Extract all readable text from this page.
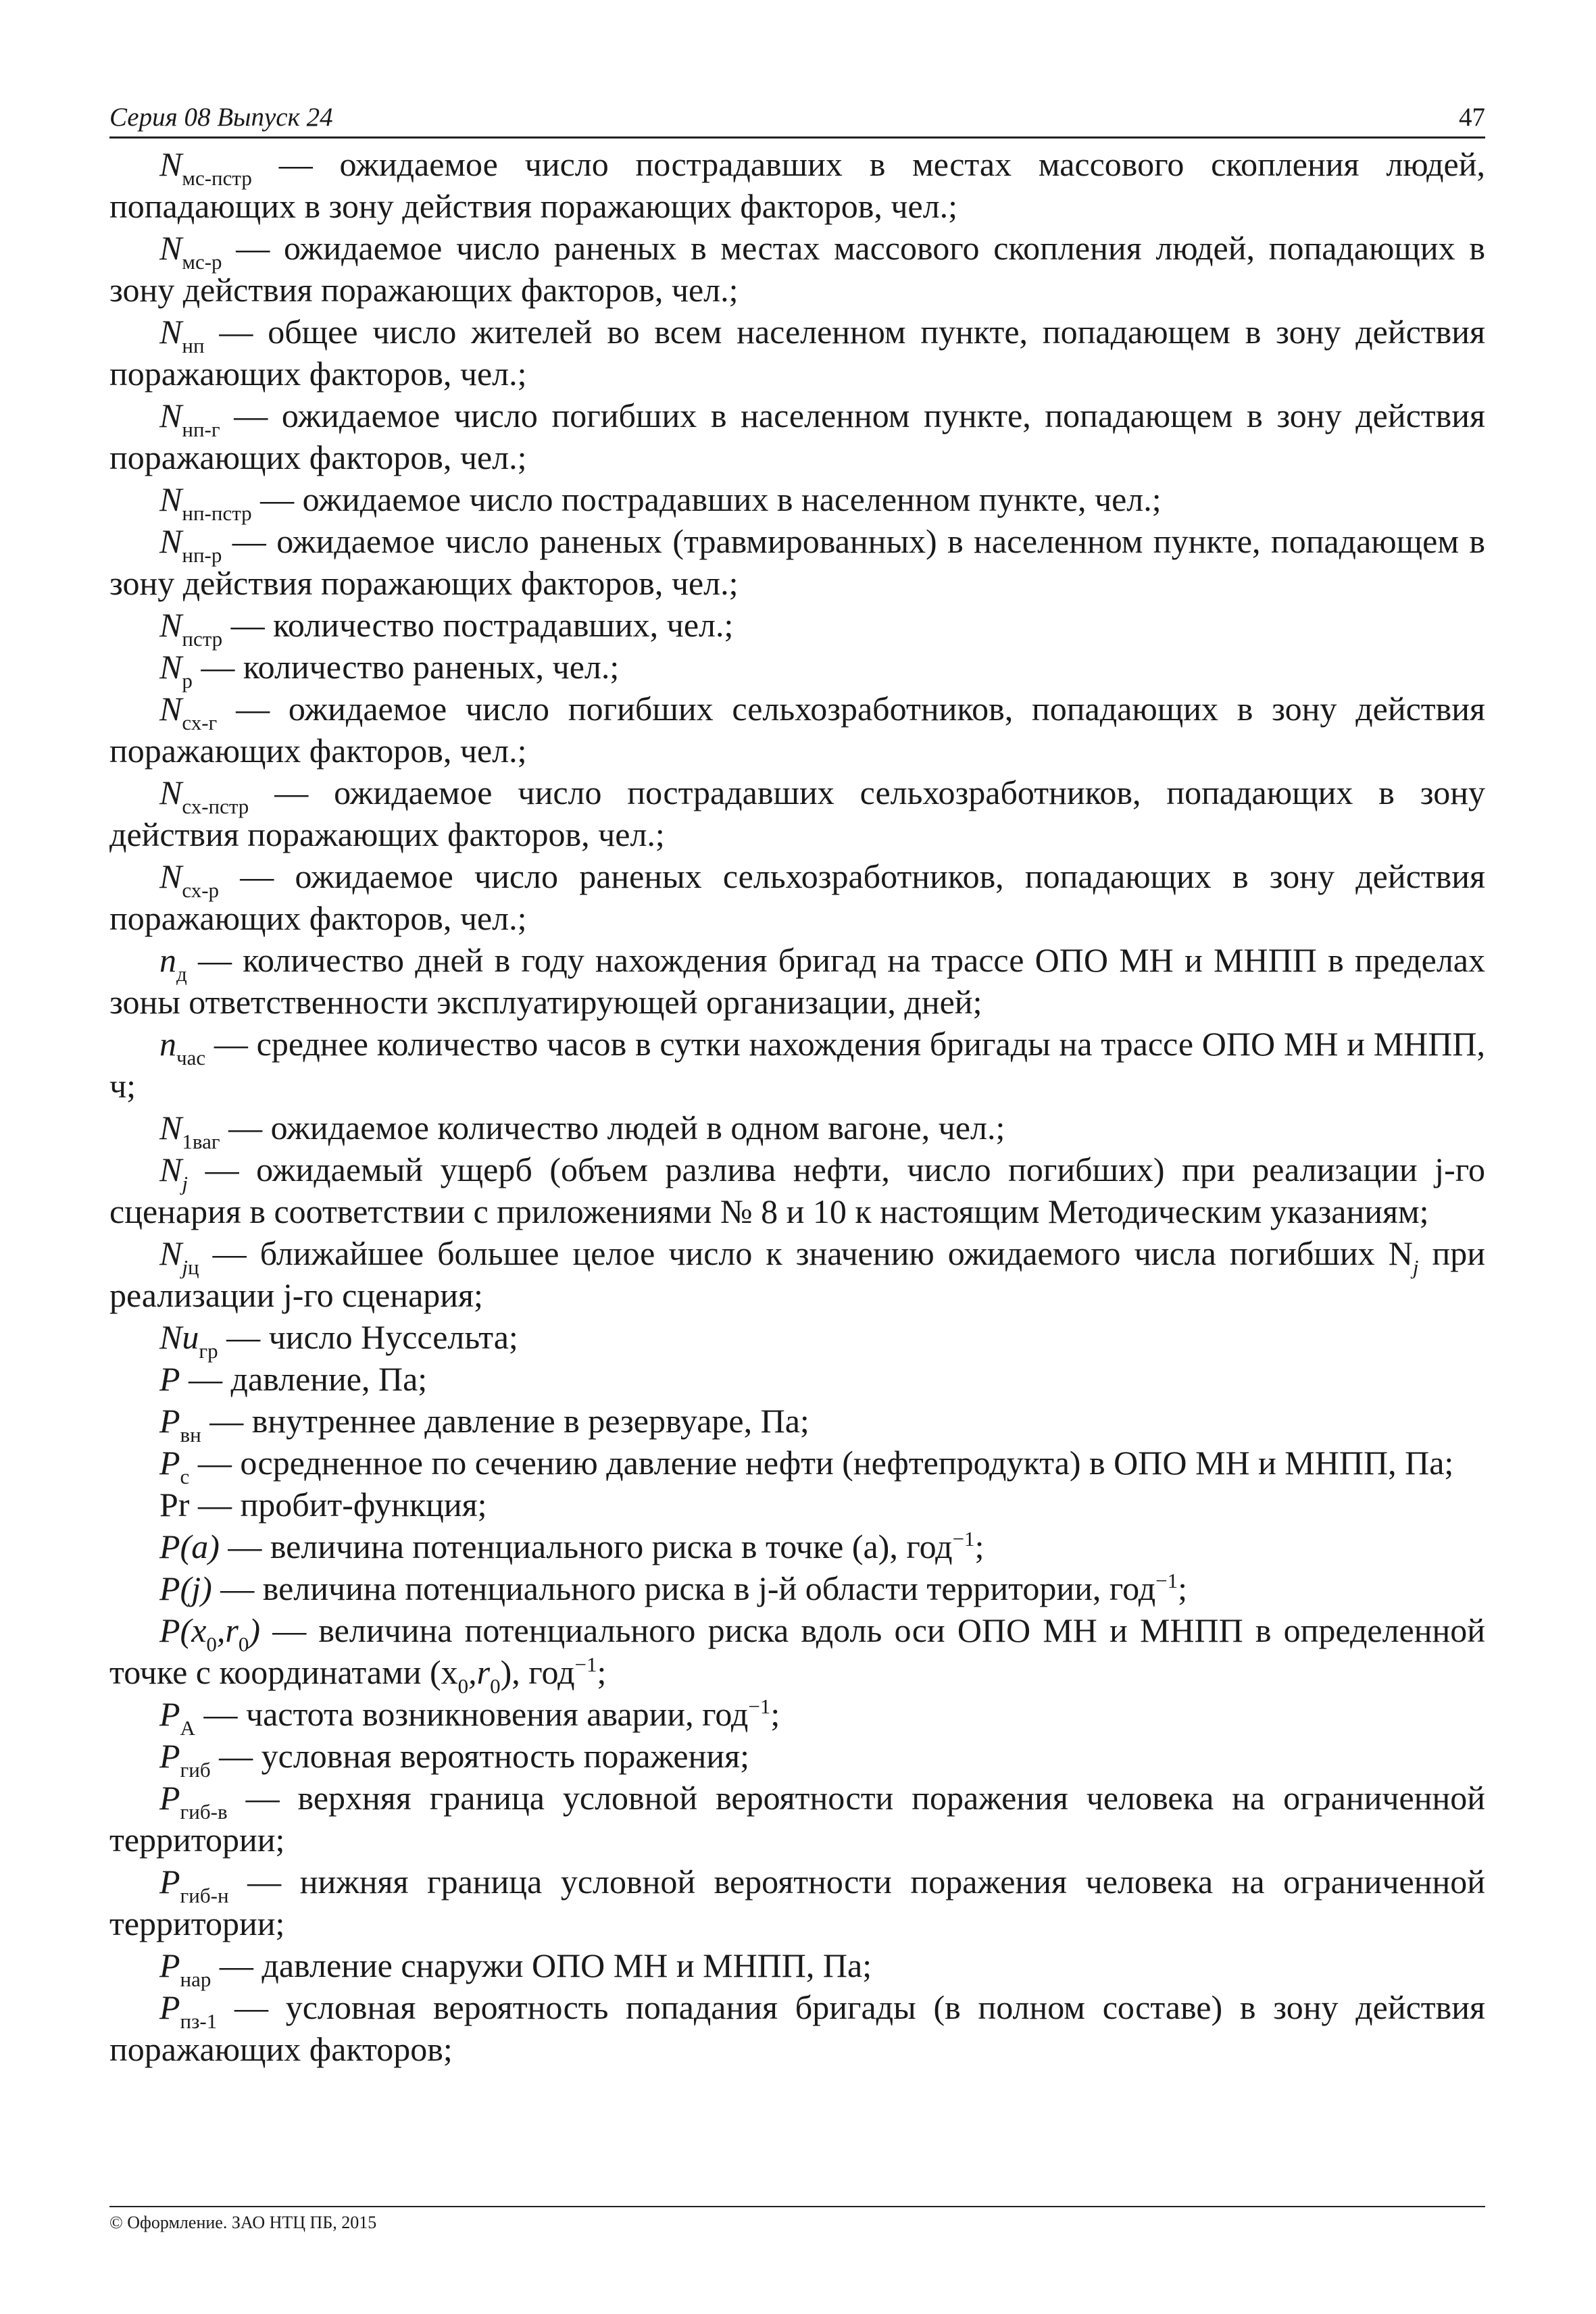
Серия 08 Выпуск 24	47

$N_{мс-пстр}$ — ожидаемое число пострадавших в местах массового скопления людей, попадающих в зону действия поражающих факторов, чел.;

$N_{мс-р}$ — ожидаемое число раненых в местах массового скопления людей, попадающих в зону действия поражающих факторов, чел.;

$N_{нп}$ — общее число жителей во всем населенном пункте, попадающем в зону действия поражающих факторов, чел.;

$N_{нп-г}$ — ожидаемое число погибших в населенном пункте, попадающем в зону действия поражающих факторов, чел.;

$N_{нп-пстр}$ — ожидаемое число пострадавших в населенном пункте, чел.;

$N_{нп-р}$ — ожидаемое число раненых (травмированных) в населенном пункте, попадающем в зону действия поражающих факторов, чел.;

$N_{пстр}$ — количество пострадавших, чел.;

$N_р$ — количество раненых, чел.;

$N_{сх-г}$ — ожидаемое число погибших сельхозработников, попадающих в зону действия поражающих факторов, чел.;

$N_{сх-пстр}$ — ожидаемое число пострадавших сельхозработников, попадающих в зону действия поражающих факторов, чел.;

$N_{сх-р}$ — ожидаемое число раненых сельхозработников, попадающих в зону действия поражающих факторов, чел.;

$n_д$ — количество дней в году нахождения бригад на трассе ОПО МН и МНПП в пределах зоны ответственности эксплуатирующей организации, дней;

$n_{час}$ — среднее количество часов в сутки нахождения бригады на трассе ОПО МН и МНПП, ч;

$N_{1ваг}$ — ожидаемое количество людей в одном вагоне, чел.;

$N_j$ — ожидаемый ущерб (объем разлива нефти, число погибших) при реализации j-го сценария в соответствии с приложениями № 8 и 10 к настоящим Методическим указаниям;

$N_{jц}$ — ближайшее большее целое число к значению ожидаемого числа погибших $N_j$ при реализации j-го сценария;

$Nu_{гр}$ — число Нуссельта;

P — давление, Па;

$P_{вн}$ — внутреннее давление в резервуаре, Па;

$P_с$ — осредненное по сечению давление нефти (нефтепродукта) в ОПО МН и МНПП, Па;

Pr — пробит-функция;

P(a) — величина потенциального риска в точке (a), год$^{-1}$;

P(j) — величина потенциального риска в j-й области территории, год$^{-1}$;

$P(x_0,r_0)$ — величина потенциального риска вдоль оси ОПО МН и МНПП в определенной точке с координатами $(x_0,r_0)$, год$^{-1}$;

$P_А$ — частота возникновения аварии, год$^{-1}$;

$P_{гиб}$ — условная вероятность поражения;

$P_{гиб-в}$ — верхняя граница условной вероятности поражения человека на ограниченной территории;

$P_{гиб-н}$ — нижняя граница условной вероятности поражения человека на ограниченной территории;

$P_{нар}$ — давление снаружи ОПО МН и МНПП, Па;

$P_{пз-1}$ — условная вероятность попадания бригады (в полном составе) в зону действия поражающих факторов;

© Оформление. ЗАО НТЦ ПБ, 2015
